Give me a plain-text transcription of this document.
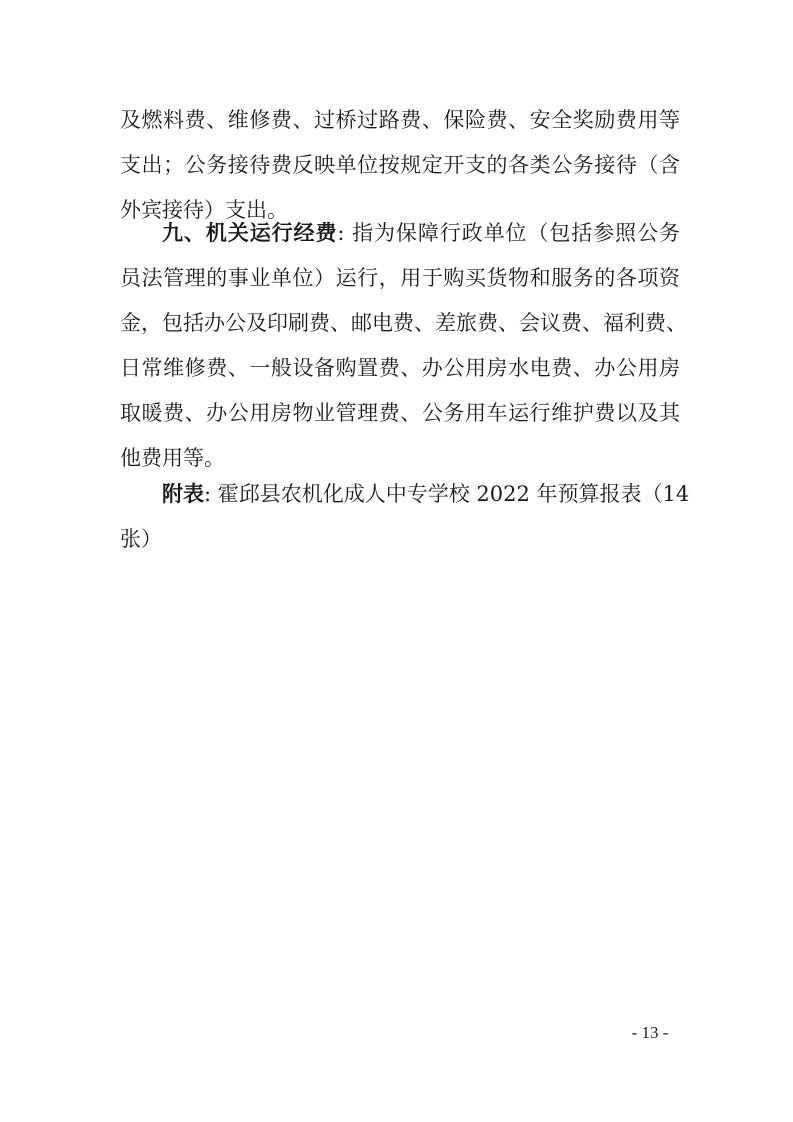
及燃料费、维修费、过桥过路费、保险费、安全奖励费用等
支出；公务接待费反映单位按规定开支的各类公务接待（含
外宾接待）支出。
九、机关运行经费: 指为保障行政单位（包括参照公务
员法管理的事业单位）运行，用于购买货物和服务的各项资
金，包括办公及印刷费、邮电费、差旅费、会议费、福利费、
日常维修费、一般设备购置费、办公用房水电费、办公用房
取暖费、办公用房物业管理费、公务用车运行维护费以及其
他费用等。
附表: 霍邱县农机化成人中专学校 2022 年预算报表（14
张）
- 13 -
